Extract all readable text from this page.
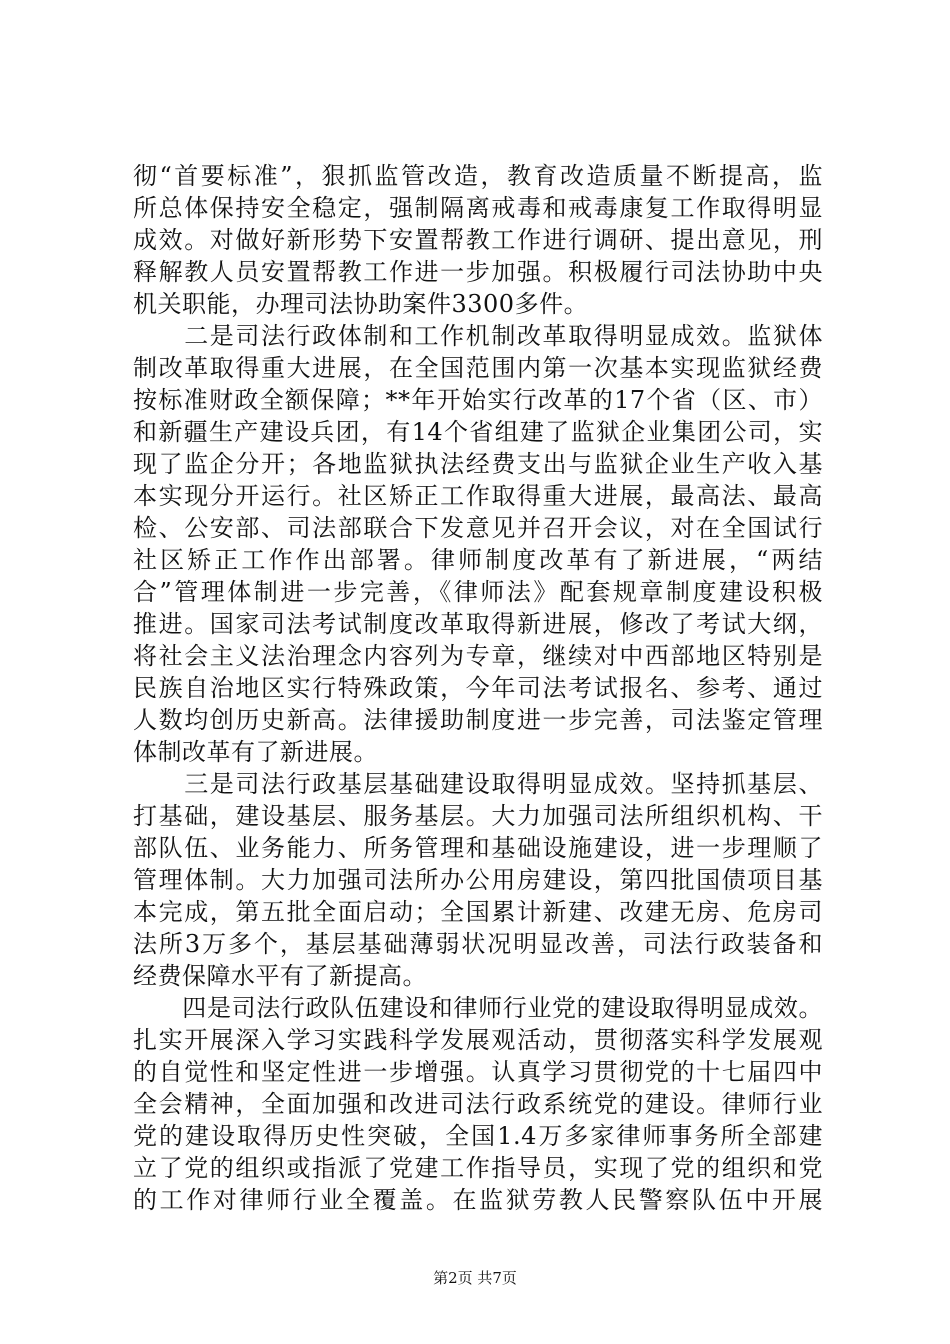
彻“首要标准”，狠抓监管改造，教育改造质量不断提高，监
所总体保持安全稳定，强制隔离戒毒和戒毒康复工作取得明显
成效。对做好新形势下安置帮教工作进行调研、提出意见，刑
释解教人员安置帮教工作进一步加强。积极履行司法协助中央
机关职能，办理司法协助案件3300多件。
　　二是司法行政体制和工作机制改革取得明显成效。监狱体
制改革取得重大进展，在全国范围内第一次基本实现监狱经费
按标准财政全额保障；**年开始实行改革的17个省（区、市）
和新疆生产建设兵团，有14个省组建了监狱企业集团公司，实
现了监企分开；各地监狱执法经费支出与监狱企业生产收入基
本实现分开运行。社区矫正工作取得重大进展，最高法、最高
检、公安部、司法部联合下发意见并召开会议，对在全国试行
社区矫正工作作出部署。律师制度改革有了新进展，“两结
合”管理体制进一步完善，《律师法》配套规章制度建设积极
推进。国家司法考试制度改革取得新进展，修改了考试大纲，
将社会主义法治理念内容列为专章，继续对中西部地区特别是
民族自治地区实行特殊政策，今年司法考试报名、参考、通过
人数均创历史新高。法律援助制度进一步完善，司法鉴定管理
体制改革有了新进展。
　　三是司法行政基层基础建设取得明显成效。坚持抓基层、
打基础，建设基层、服务基层。大力加强司法所组织机构、干
部队伍、业务能力、所务管理和基础设施建设，进一步理顺了
管理体制。大力加强司法所办公用房建设，第四批国债项目基
本完成，第五批全面启动；全国累计新建、改建无房、危房司
法所3万多个，基层基础薄弱状况明显改善，司法行政装备和
经费保障水平有了新提高。
　　四是司法行政队伍建设和律师行业党的建设取得明显成效。
扎实开展深入学习实践科学发展观活动，贯彻落实科学发展观
的自觉性和坚定性进一步增强。认真学习贯彻党的十七届四中
全会精神，全面加强和改进司法行政系统党的建设。律师行业
党的建设取得历史性突破，全国1.4万多家律师事务所全部建
立了党的组织或指派了党建工作指导员，实现了党的组织和党
的工作对律师行业全覆盖。在监狱劳教人民警察队伍中开展
第2页 共7页
